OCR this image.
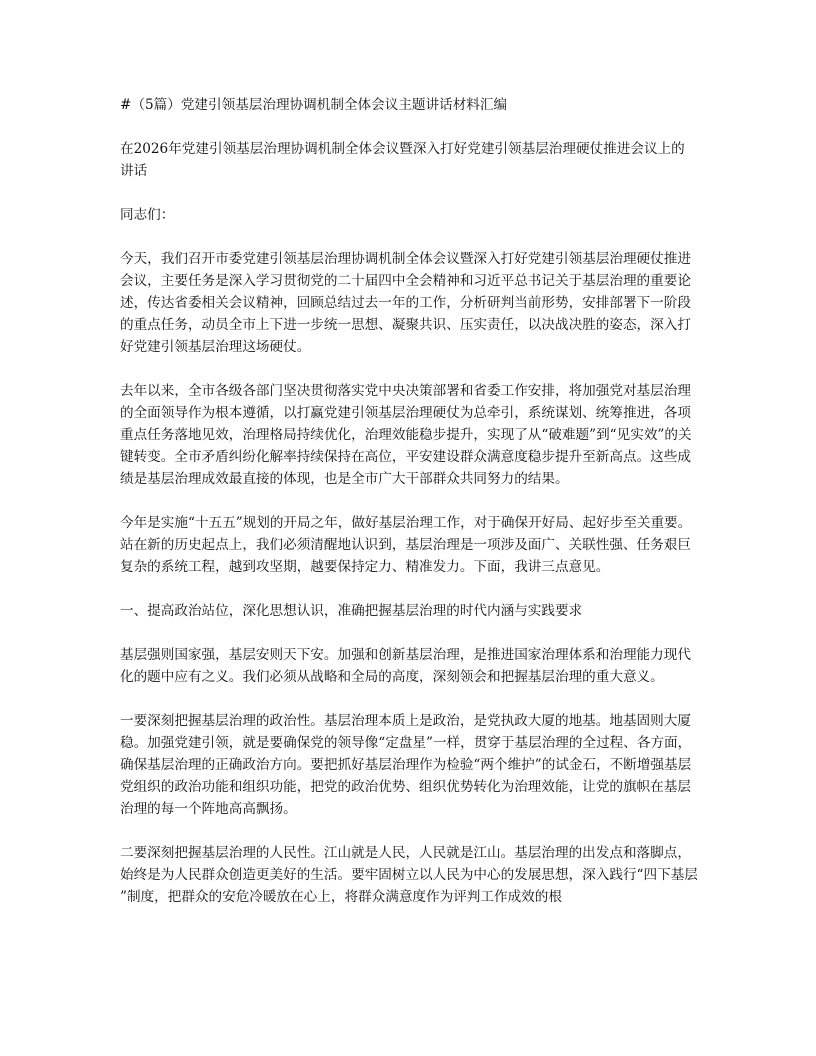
#（5篇）党建引领基层治理协调机制全体会议主题讲话材料汇编

在2026年党建引领基层治理协调机制全体会议暨深入打好党建引领基层治理硬仗推进会议上的讲话

同志们：

今天，我们召开市委党建引领基层治理协调机制全体会议暨深入打好党建引领基层治理硬仗推进会议，主要任务是深入学习贯彻党的二十届四中全会精神和习近平总书记关于基层治理的重要论述，传达省委相关会议精神，回顾总结过去一年的工作，分析研判当前形势，安排部署下一阶段的重点任务，动员全市上下进一步统一思想、凝聚共识、压实责任，以决战决胜的姿态，深入打好党建引领基层治理这场硬仗。

去年以来，全市各级各部门坚决贯彻落实党中央决策部署和省委工作安排，将加强党对基层治理的全面领导作为根本遵循，以打赢党建引领基层治理硬仗为总牵引，系统谋划、统筹推进，各项重点任务落地见效，治理格局持续优化，治理效能稳步提升，实现了从“破难题”到“见实效”的关键转变。全市矛盾纠纷化解率持续保持在高位，平安建设群众满意度稳步提升至新高点。这些成绩是基层治理成效最直接的体现，也是全市广大干部群众共同努力的结果。

今年是实施“十五五”规划的开局之年，做好基层治理工作，对于确保开好局、起好步至关重要。站在新的历史起点上，我们必须清醒地认识到，基层治理是一项涉及面广、关联性强、任务艰巨复杂的系统工程，越到攻坚期，越要保持定力、精准发力。下面，我讲三点意见。

一、提高政治站位，深化思想认识，准确把握基层治理的时代内涵与实践要求

基层强则国家强，基层安则天下安。加强和创新基层治理，是推进国家治理体系和治理能力现代化的题中应有之义。我们必须从战略和全局的高度，深刻领会和把握基层治理的重大意义。

一要深刻把握基层治理的政治性。基层治理本质上是政治，是党执政大厦的地基。地基固则大厦稳。加强党建引领，就是要确保党的领导像“定盘星”一样，贯穿于基层治理的全过程、各方面，确保基层治理的正确政治方向。要把抓好基层治理作为检验“两个维护”的试金石，不断增强基层党组织的政治功能和组织功能，把党的政治优势、组织优势转化为治理效能，让党的旗帜在基层治理的每一个阵地高高飘扬。

二要深刻把握基层治理的人民性。江山就是人民，人民就是江山。基层治理的出发点和落脚点，始终是为人民群众创造更美好的生活。要牢固树立以人民为中心的发展思想，深入践行“四下基层”制度，把群众的安危冷暖放在心上，将群众满意度作为评判工作成效的根
